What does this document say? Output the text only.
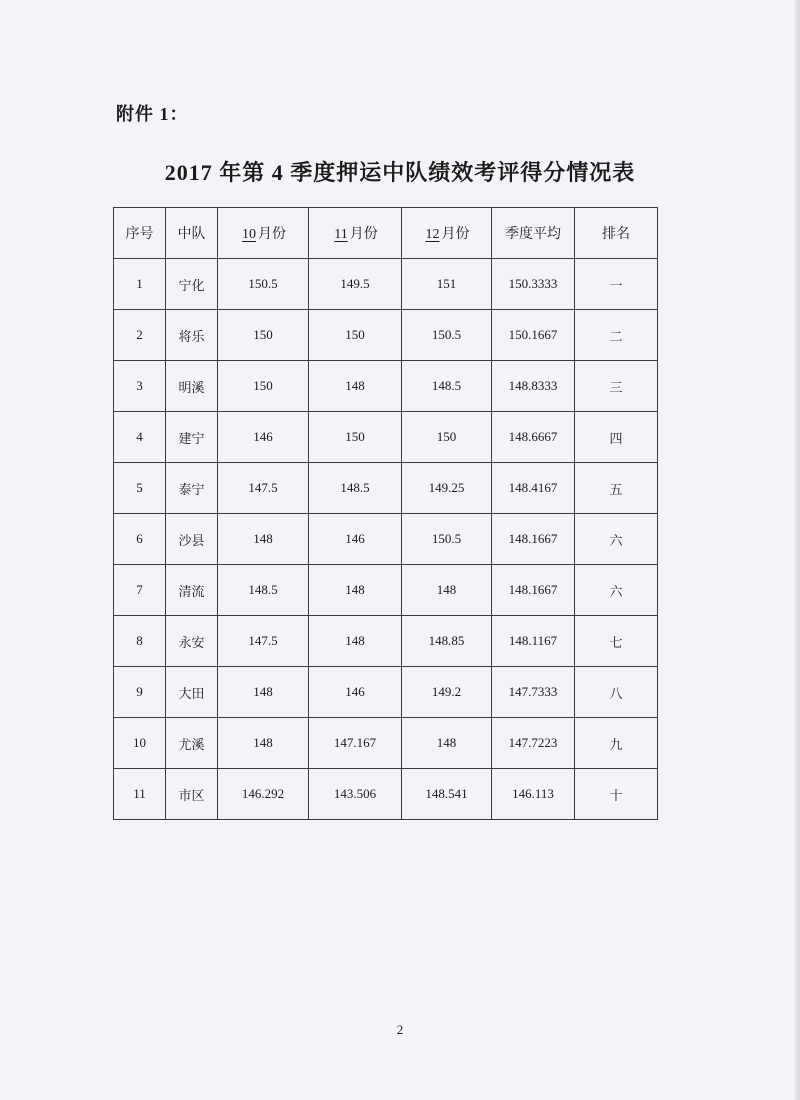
附件 1：
2017 年第 4 季度押运中队绩效考评得分情况表
序号	中队	10 月份	11 月份	12 月份	季度平均	排名
1	宁化	150.5	149.5	151	150.3333	一
2	将乐	150	150	150.5	150.1667	二
3	明溪	150	148	148.5	148.8333	三
4	建宁	146	150	150	148.6667	四
5	泰宁	147.5	148.5	149.25	148.4167	五
6	沙县	148	146	150.5	148.1667	六
7	清流	148.5	148	148	148.1667	六
8	永安	147.5	148	148.85	148.1167	七
9	大田	148	146	149.2	147.7333	八
10	尤溪	148	147.167	148	147.7223	九
11	市区	146.292	143.506	148.541	146.113	十
2
